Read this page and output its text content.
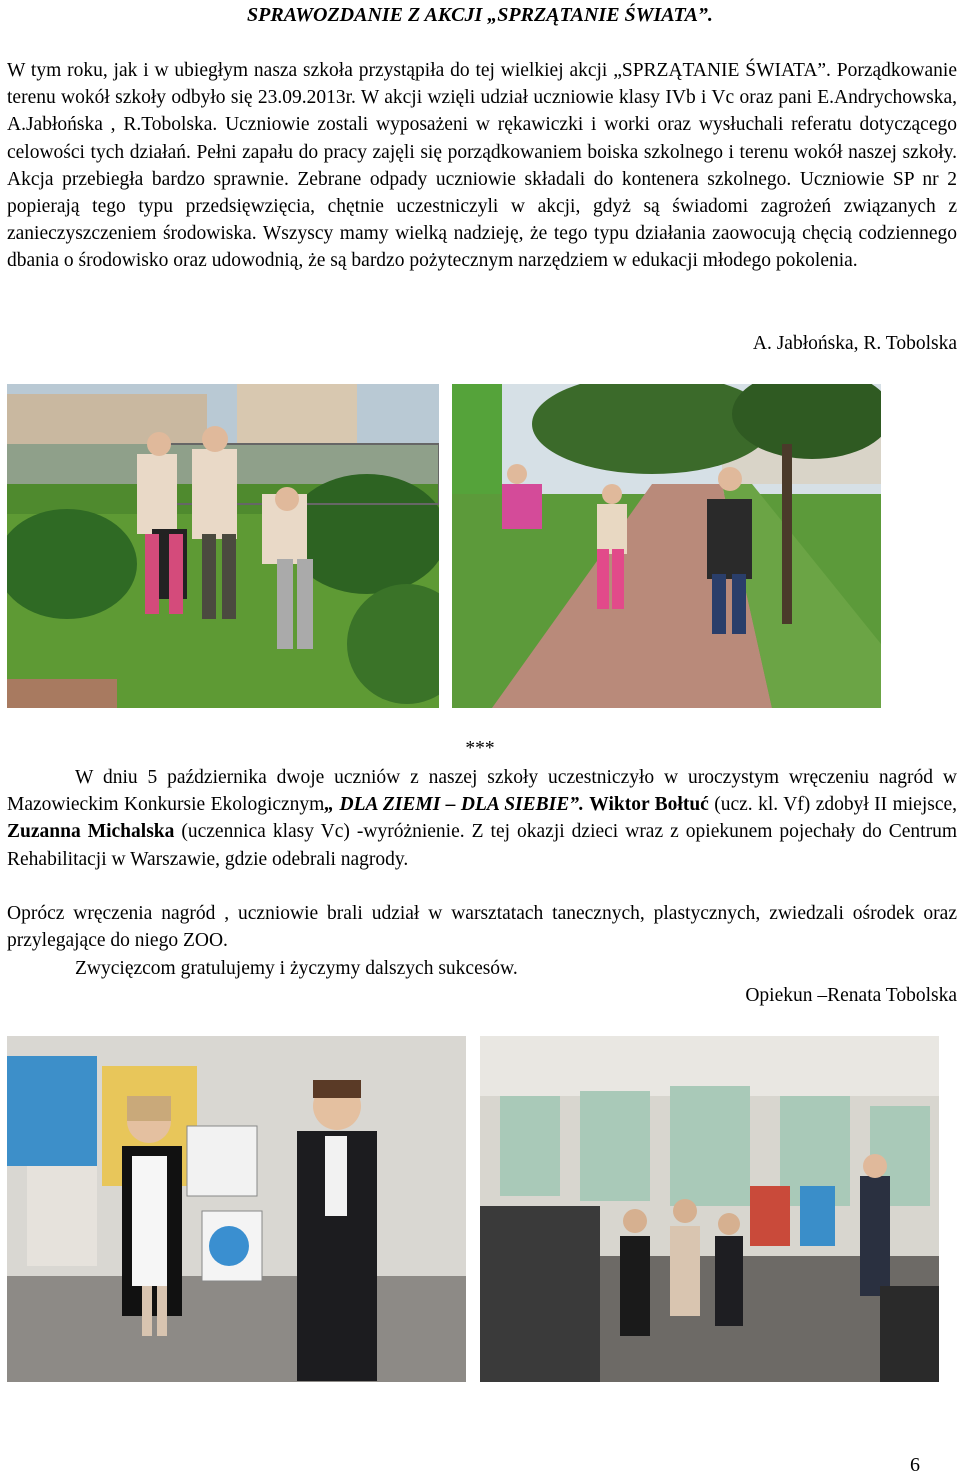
SPRAWOZDANIE Z AKCJI „SPRZĄTANIE ŚWIATA”.

W tym roku, jak i w ubiegłym nasza szkoła przystąpiła do tej wielkiej akcji „SPRZĄTANIE ŚWIATA”. Porządkowanie terenu wokół szkoły odbyło się 23.09.2013r. W akcji wzięli udział uczniowie klasy IVb i Vc oraz pani E.Andrychowska, A.Jabłońska , R.Tobolska. Uczniowie zostali wyposażeni w rękawiczki i worki oraz wysłuchali referatu dotyczącego celowości tych działań. Pełni zapału do pracy zajęli się porządkowaniem boiska szkolnego i terenu wokół naszej szkoły. Akcja przebiegła bardzo sprawnie. Zebrane odpady uczniowie składali do kontenera szkolnego. Uczniowie SP nr 2 popierają tego typu przedsięwzięcia, chętnie uczestniczyli w akcji, gdyż są świadomi zagrożeń związanych z zanieczyszczeniem środowiska. Wszyscy mamy wielką nadzieję, że tego typu działania zaowocują chęcią codziennego dbania o środowisko oraz udowodnią, że są bardzo pożytecznym narzędziem w edukacji młodego pokolenia.

A. Jabłońska, R. Tobolska

***

W dniu 5 października dwoje uczniów z naszej szkoły uczestniczyło w uroczystym wręczeniu nagród w Mazowieckim Konkursie Ekologicznym„ DLA ZIEMI – DLA SIEBIE”. Wiktor Bołtuć (ucz. kl. Vf) zdobył II miejsce, Zuzanna Michalska (uczennica klasy Vc) -wyróżnienie. Z tej okazji dzieci wraz z opiekunem pojechały do Centrum Rehabilitacji w Warszawie, gdzie odebrali nagrody.

Oprócz wręczenia nagród , uczniowie brali udział w warsztatach tanecznych, plastycznych, zwiedzali ośrodek oraz przylegające do niego ZOO.

Zwycięzcom gratulujemy i życzymy dalszych sukcesów.

Opiekun –Renata Tobolska

6
